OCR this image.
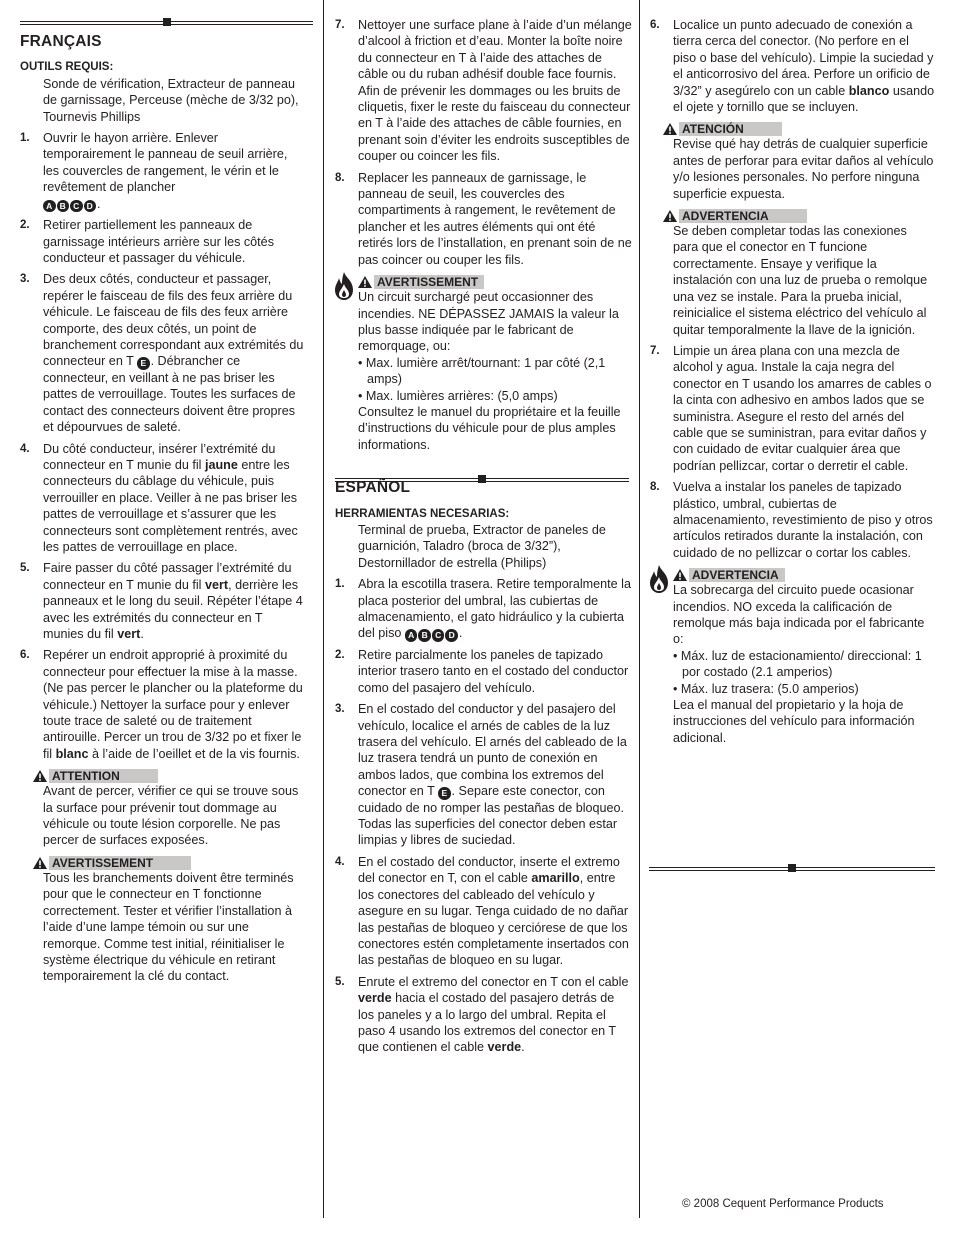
FRANÇAIS
OUTILS REQUIS:
Sonde de vérification, Extracteur de panneau de garnissage, Perceuse (mèche de 3/32 po), Tournevis Phillips
1. Ouvrir le hayon arrière. Enlever temporairement le panneau de seuil arrière, les couvercles de rangement, le vérin et le revêtement de plancher
A B C D .
2. Retirer partiellement les panneaux de garnissage intérieurs arrière sur les côtés conducteur et passager du véhicule.
3. Des deux côtés, conducteur et passager, repérer le faisceau de fils des feux arrière du véhicule. Le faisceau de fils des feux arrière comporte, des deux côtés, un point de branchement correspondant aux extrémités du connecteur en T E . Débrancher ce connecteur, en veillant à ne pas briser les pattes de verrouillage. Toutes les surfaces de contact des connecteurs doivent être propres et dépourvues de saleté.
4. Du côté conducteur, insérer l’extrémité du connecteur en T munie du fil jaune entre les connecteurs du câblage du véhicule, puis verrouiller en place. Veiller à ne pas briser les pattes de verrouillage et s’assurer que les connecteurs sont complètement rentrés, avec les pattes de verrouillage en place.
5. Faire passer du côté passager l’extrémité du connecteur en T munie du fil vert, derrière les panneaux et le long du seuil. Répéter l’étape 4 avec les extrémités du connecteur en T munies du fil vert.
6. Repérer un endroit approprié à proximité du connecteur pour effectuer la mise à la masse. (Ne pas percer le plancher ou la plateforme du véhicule.) Nettoyer la surface pour y enlever toute trace de saleté ou de traitement antirouille. Percer un trou de 3/32 po et fixer le fil blanc à l’aide de l’oeillet et de la vis fournis.
ATTENTION
Avant de percer, vérifier ce qui se trouve sous la surface pour prévenir tout dommage au véhicule ou toute lésion corporelle. Ne pas percer de surfaces exposées.
AVERTISSEMENT
Tous les branchements doivent être terminés pour que le connecteur en T fonctionne correctement. Tester et vérifier l’installation à l’aide d’une lampe témoin ou sur une remorque. Comme test initial, réinitialiser le système électrique du véhicule en retirant temporairement la clé du contact.
7. Nettoyer une surface plane à l’aide d’un mélange d’alcool à friction et d’eau. Monter la boîte noire du connecteur en T à l’aide des attaches de câble ou du ruban adhésif double face fournis. Afin de prévenir les dommages ou les bruits de cliquetis, fixer le reste du faisceau du connecteur en T à l’aide des attaches de câble fournies, en prenant soin d’éviter les endroits susceptibles de couper ou coincer les fils.
8. Replacer les panneaux de garnissage, le panneau de seuil, les couvercles des compartiments à rangement, le revêtement de plancher et les autres éléments qui ont été retirés lors de l’installation, en prenant soin de ne pas coincer ou couper les fils.
AVERTISSEMENT
Un circuit surchargé peut occasionner des incendies. NE DÉPASSEZ JAMAIS la valeur la plus basse indiquée par le fabricant de remorquage, ou:
• Max. lumière arrêt/tournant: 1 par côté (2,1 amps)
• Max. lumières arrières: (5,0 amps)
Consultez le manuel du propriétaire et la feuille d’instructions du véhicule pour de plus amples informations.
ESPAÑOL
HERRAMIENTAS NECESARIAS:
Terminal de prueba, Extractor de paneles de guarnición, Taladro (broca de 3/32”), Destornillador de estrella (Philips)
1. Abra la escotilla trasera. Retire temporalmente la placa posterior del umbral, las cubiertas de almacenamiento, el gato hidráulico y la cubierta del piso A B C D .
2. Retire parcialmente los paneles de tapizado interior trasero tanto en el costado del conductor como del pasajero del vehículo.
3. En el costado del conductor y del pasajero del vehículo, localice el arnés de cables de la luz trasera del vehículo. El arnés del cableado de la luz trasera tendrá un punto de conexión en ambos lados, que combina los extremos del conector en T E . Separe este conector, con cuidado de no romper las pestañas de bloqueo. Todas las superficies del conector deben estar limpias y libres de suciedad.
4. En el costado del conductor, inserte el extremo del conector en T, con el cable amarillo, entre los conectores del cableado del vehículo y asegure en su lugar. Tenga cuidado de no dañar las pestañas de bloqueo y cerciórese de que los conectores estén completamente insertados con las pestañas de bloqueo en su lugar.
5. Enrute el extremo del conector en T con el cable verde hacia el costado del pasajero detrás de los paneles y a lo largo del umbral. Repita el paso 4 usando los extremos del conector en T que contienen el cable verde.
6. Localice un punto adecuado de conexión a tierra cerca del conector. (No perfore en el piso o base del vehículo). Limpie la suciedad y el anticorrosivo del área. Perfore un orificio de 3/32” y asegúrelo con un cable blanco usando el ojete y tornillo que se incluyen.
ATENCIÓN
Revise qué hay detrás de cualquier superficie antes de perforar para evitar daños al vehículo y/o lesiones personales. No perfore ninguna superficie expuesta.
ADVERTENCIA
Se deben completar todas las conexiones para que el conector en T funcione correctamente. Ensaye y verifique la instalación con una luz de prueba o remolque una vez se instale. Para la prueba inicial, reinicialice el sistema eléctrico del vehículo al quitar temporalmente la llave de la ignición.
7. Limpie un área plana con una mezcla de alcohol y agua. Instale la caja negra del conector en T usando los amarres de cables o la cinta con adhesivo en ambos lados que se suministra. Asegure el resto del arnés del cable que se suministran, para evitar daños y con cuidado de evitar cualquier área que podrían pellizcar, cortar o derretir el cable.
8. Vuelva a instalar los paneles de tapizado plástico, umbral, cubiertas de almacenamiento, revestimiento de piso y otros artículos retirados durante la instalación, con cuidado de no pellizcar o cortar los cables.
ADVERTENCIA
La sobrecarga del circuito puede ocasionar incendios. NO exceda la calificación de remolque más baja indicada por el fabricante o:
• Máx. luz de estacionamiento/ direccional: 1 por costado (2.1 amperios)
• Máx. luz trasera: (5.0 amperios)
Lea el manual del propietario y la hoja de instrucciones del vehículo para información adicional.
© 2008 Cequent Performance Products
